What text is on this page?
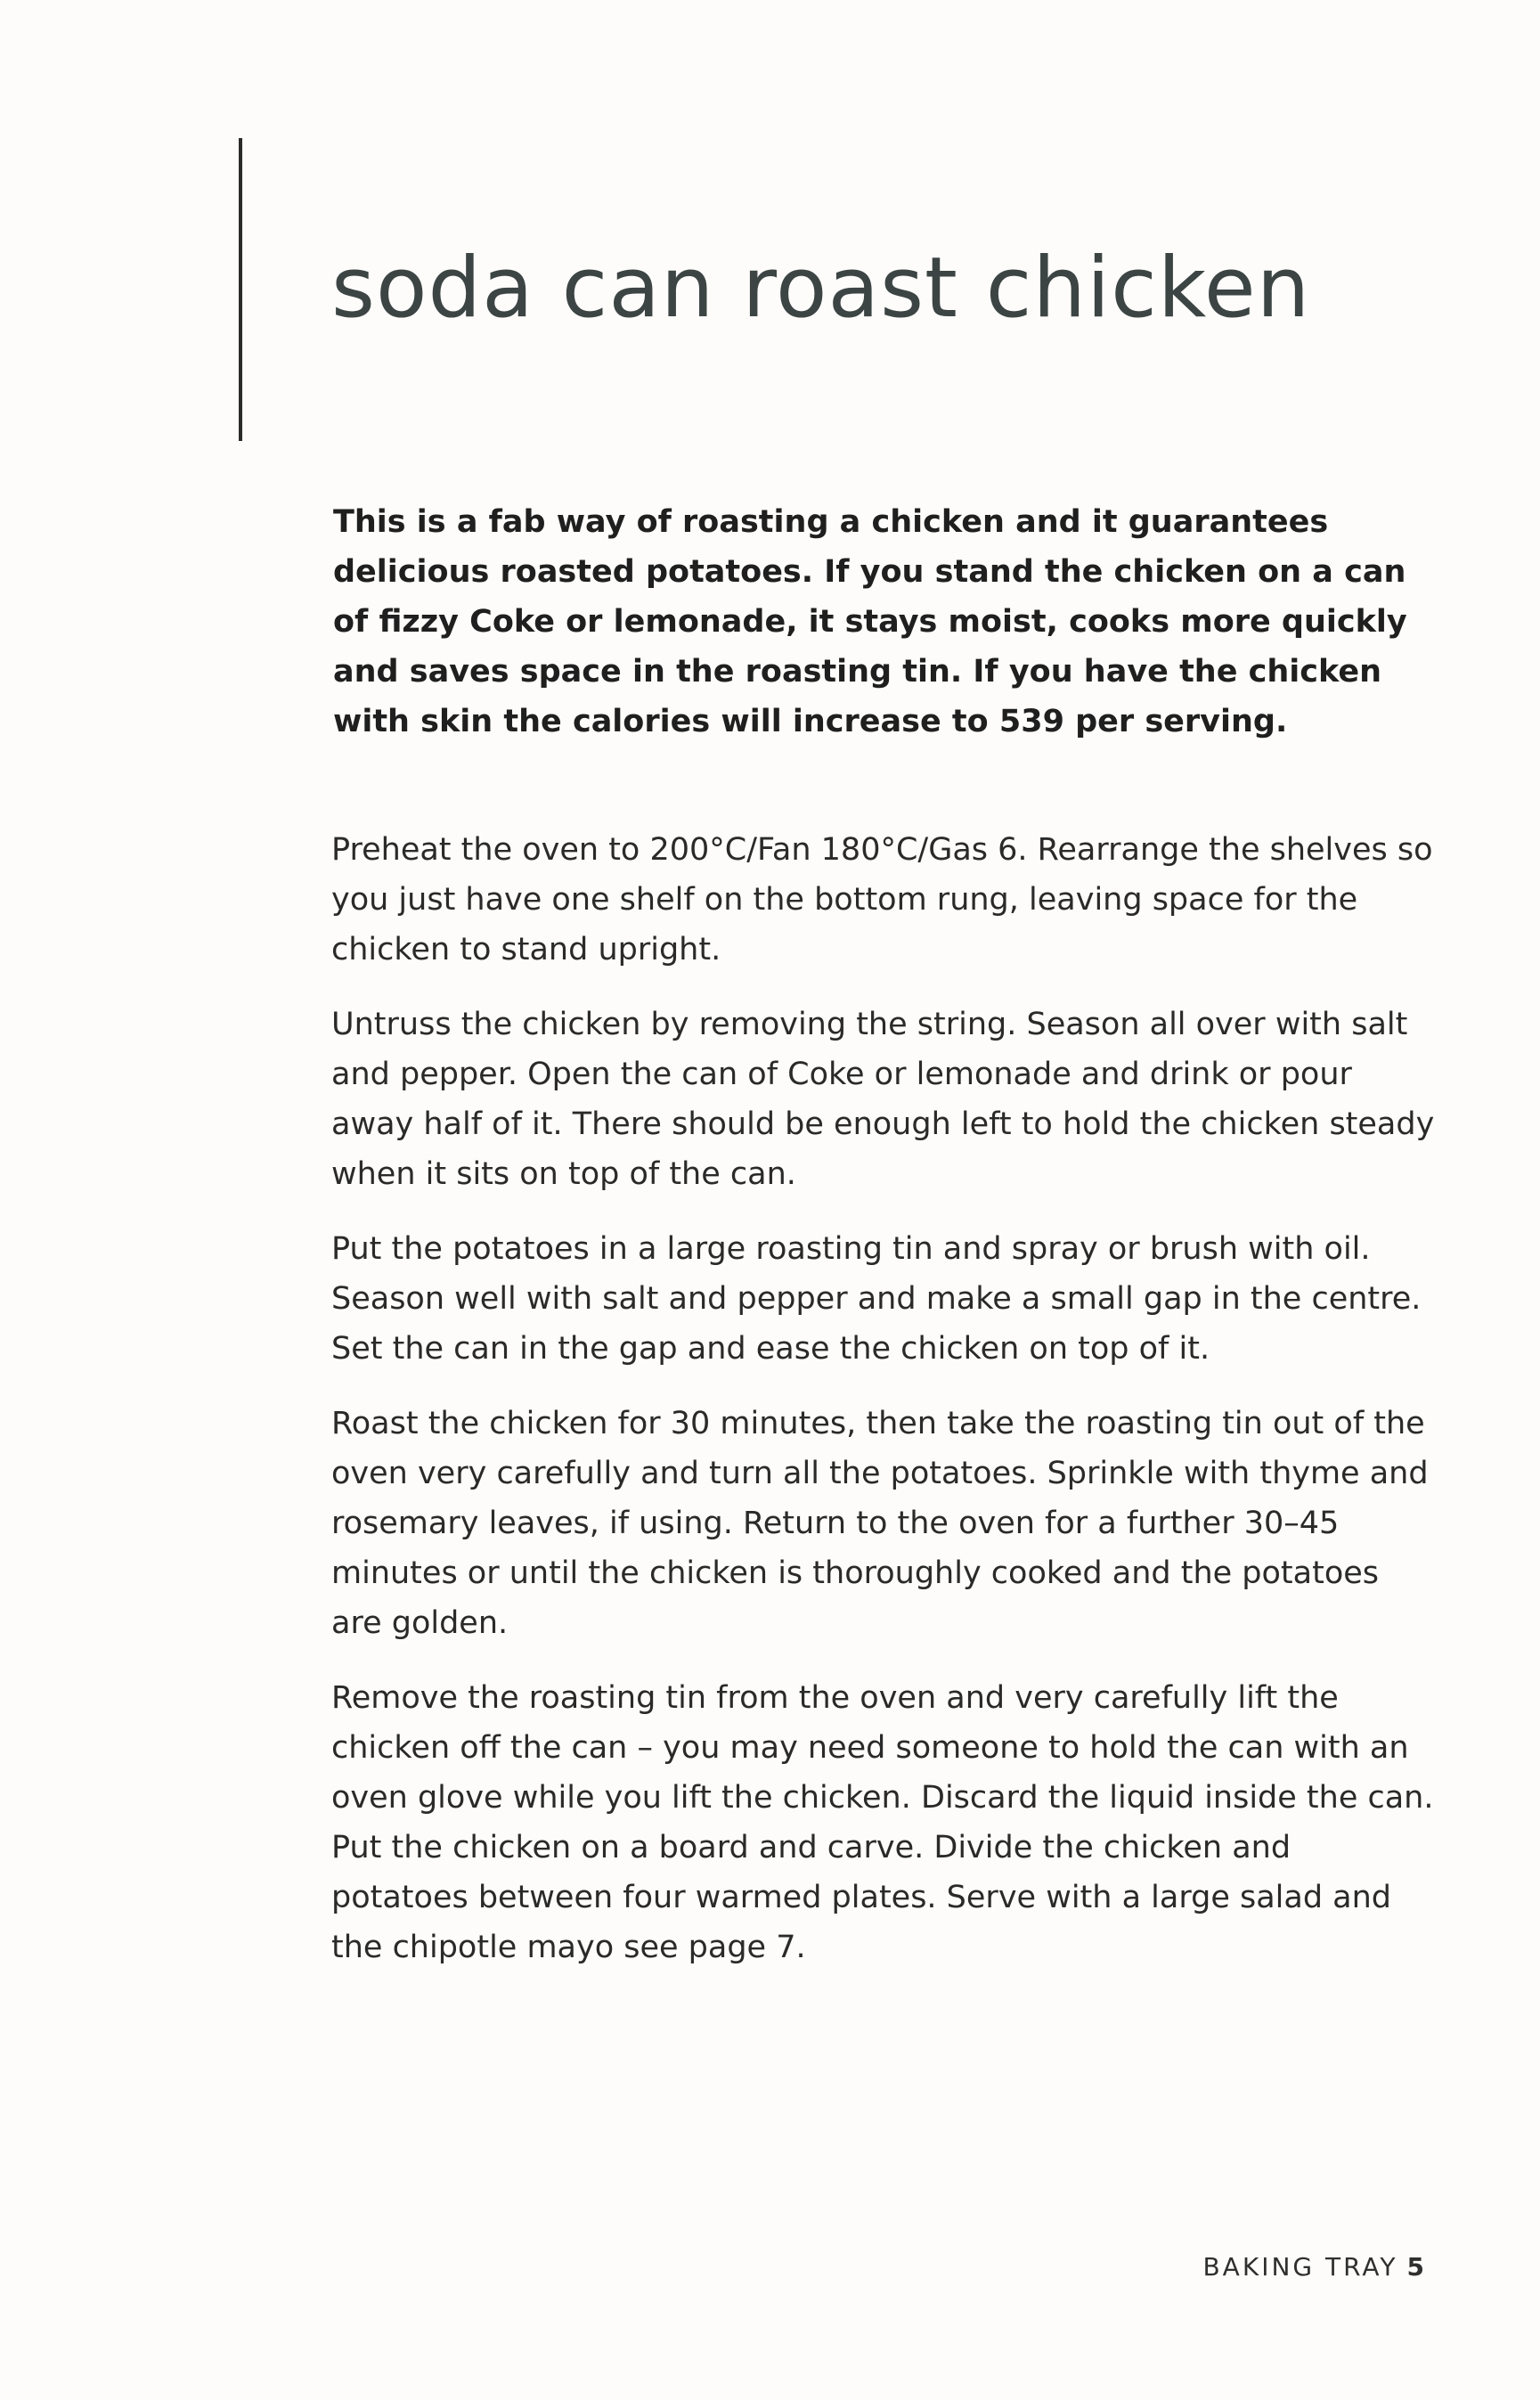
soda can roast chicken

This is a fab way of roasting a chicken and it guarantees delicious roasted potatoes. If you stand the chicken on a can of fizzy Coke or lemonade, it stays moist, cooks more quickly and saves space in the roasting tin. If you have the chicken with skin the calories will increase to 539 per serving.

Preheat the oven to 200°C/Fan 180°C/Gas 6. Rearrange the shelves so you just have one shelf on the bottom rung, leaving space for the chicken to stand upright.

Untruss the chicken by removing the string. Season all over with salt and pepper. Open the can of Coke or lemonade and drink or pour away half of it. There should be enough left to hold the chicken steady when it sits on top of the can.

Put the potatoes in a large roasting tin and spray or brush with oil. Season well with salt and pepper and make a small gap in the centre. Set the can in the gap and ease the chicken on top of it.

Roast the chicken for 30 minutes, then take the roasting tin out of the oven very carefully and turn all the potatoes. Sprinkle with thyme and rosemary leaves, if using. Return to the oven for a further 30–45 minutes or until the chicken is thoroughly cooked and the potatoes are golden.

Remove the roasting tin from the oven and very carefully lift the chicken off the can – you may need someone to hold the can with an oven glove while you lift the chicken. Discard the liquid inside the can. Put the chicken on a board and carve. Divide the chicken and potatoes between four warmed plates. Serve with a large salad and the chipotle mayo see page 7.

BAKING TRAY 5
